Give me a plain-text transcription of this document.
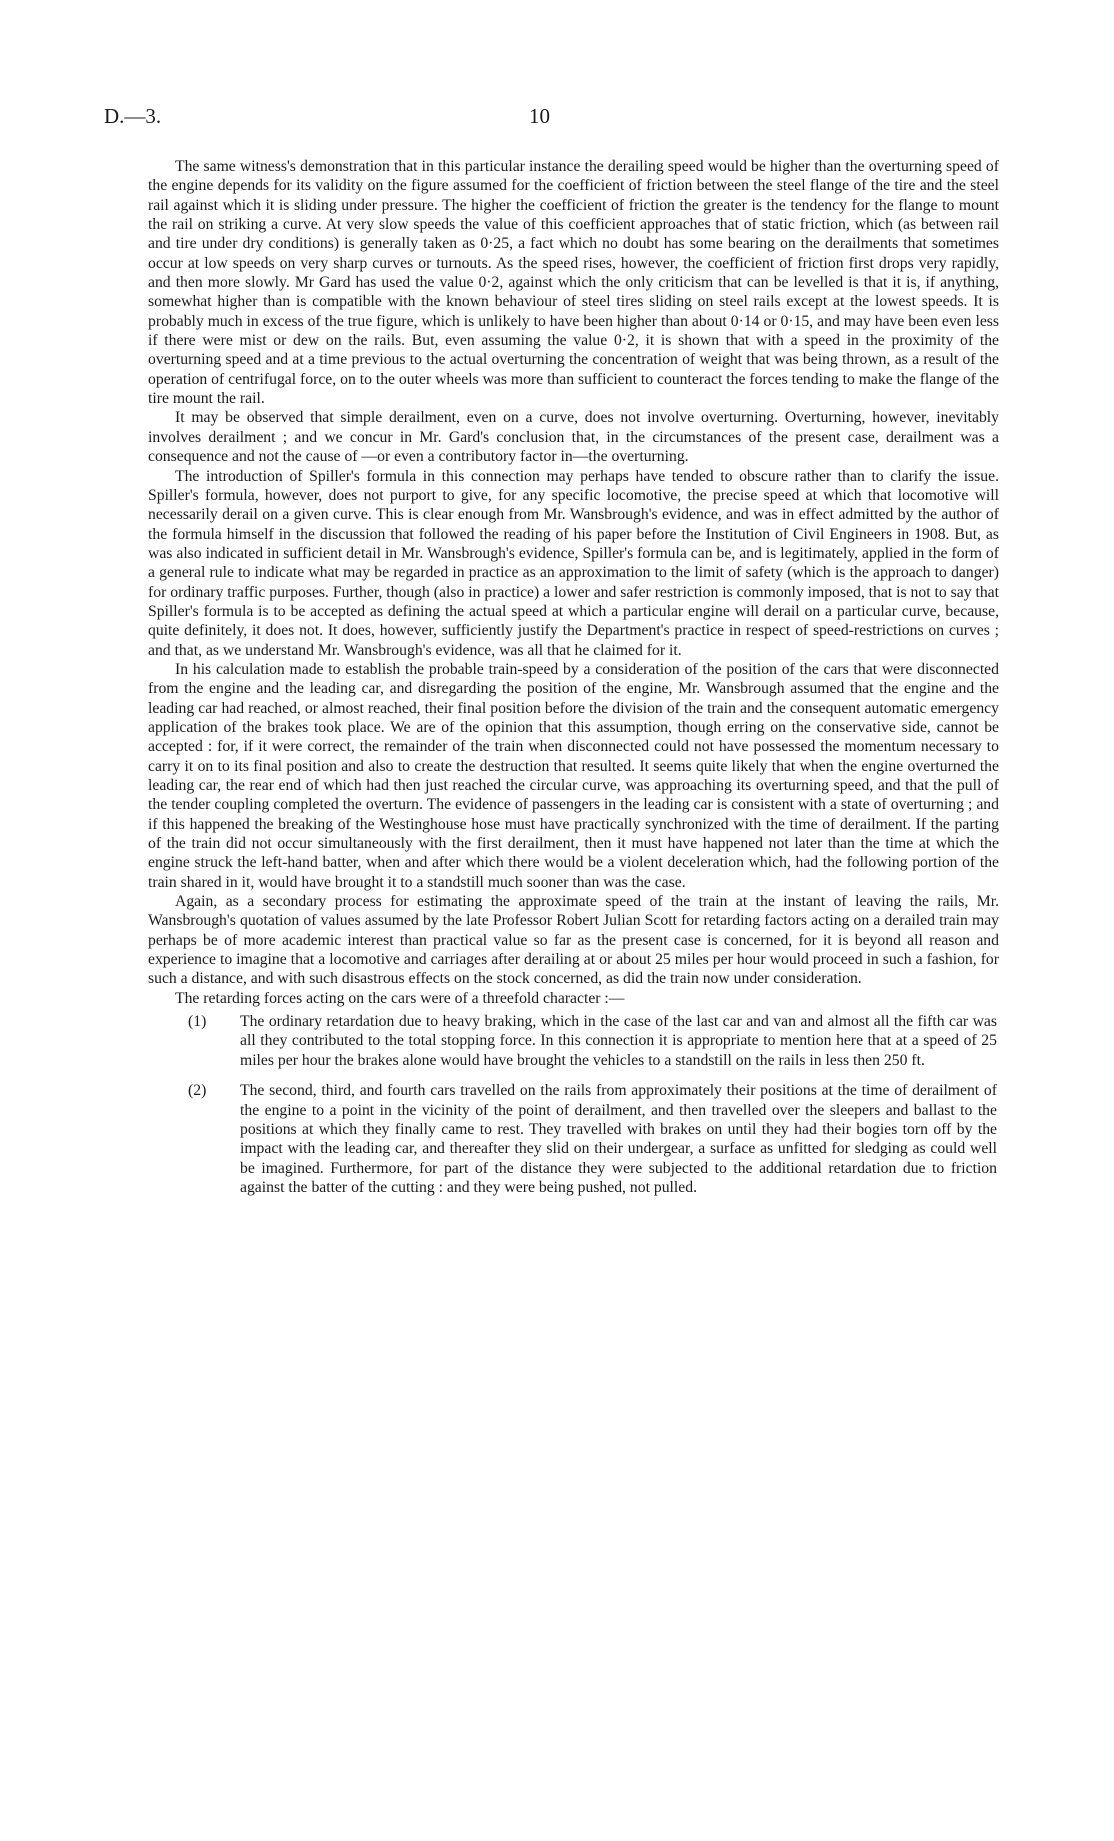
D.—3.	10

The same witness's demonstration that in this particular instance the derailing speed would be higher than the overturning speed of the engine depends for its validity on the figure assumed for the coefficient of friction between the steel flange of the tire and the steel rail against which it is sliding under pressure. The higher the coefficient of friction the greater is the tendency for the flange to mount the rail on striking a curve. At very slow speeds the value of this coefficient approaches that of static friction, which (as between rail and tire under dry conditions) is generally taken as 0·25, a fact which no doubt has some bearing on the derailments that sometimes occur at low speeds on very sharp curves or turnouts. As the speed rises, however, the coefficient of friction first drops very rapidly, and then more slowly. Mr Gard has used the value 0·2, against which the only criticism that can be levelled is that it is, if anything, somewhat higher than is compatible with the known behaviour of steel tires sliding on steel rails except at the lowest speeds. It is probably much in excess of the true figure, which is unlikely to have been higher than about 0·14 or 0·15, and may have been even less if there were mist or dew on the rails. But, even assuming the value 0·2, it is shown that with a speed in the proximity of the overturning speed and at a time previous to the actual overturning the concentration of weight that was being thrown, as a result of the operation of centrifugal force, on to the outer wheels was more than sufficient to counteract the forces tending to make the flange of the tire mount the rail.

It may be observed that simple derailment, even on a curve, does not involve overturning. Overturning, however, inevitably involves derailment ; and we concur in Mr. Gard's conclusion that, in the circumstances of the present case, derailment was a consequence and not the cause of —or even a contributory factor in—the overturning.

The introduction of Spiller's formula in this connection may perhaps have tended to obscure rather than to clarify the issue. Spiller's formula, however, does not purport to give, for any specific locomotive, the precise speed at which that locomotive will necessarily derail on a given curve. This is clear enough from Mr. Wansbrough's evidence, and was in effect admitted by the author of the formula himself in the discussion that followed the reading of his paper before the Institution of Civil Engineers in 1908. But, as was also indicated in sufficient detail in Mr. Wansbrough's evidence, Spiller's formula can be, and is legitimately, applied in the form of a general rule to indicate what may be regarded in practice as an approximation to the limit of safety (which is the approach to danger) for ordinary traffic purposes. Further, though (also in practice) a lower and safer restriction is commonly imposed, that is not to say that Spiller's formula is to be accepted as defining the actual speed at which a particular engine will derail on a particular curve, because, quite definitely, it does not. It does, however, sufficiently justify the Department's practice in respect of speed-restrictions on curves ; and that, as we understand Mr. Wansbrough's evidence, was all that he claimed for it.

In his calculation made to establish the probable train-speed by a consideration of the position of the cars that were disconnected from the engine and the leading car, and disregarding the position of the engine, Mr. Wansbrough assumed that the engine and the leading car had reached, or almost reached, their final position before the division of the train and the consequent automatic emergency application of the brakes took place. We are of the opinion that this assumption, though erring on the conservative side, cannot be accepted : for, if it were correct, the remainder of the train when disconnected could not have possessed the momentum necessary to carry it on to its final position and also to create the destruction that resulted. It seems quite likely that when the engine overturned the leading car, the rear end of which had then just reached the circular curve, was approaching its overturning speed, and that the pull of the tender coupling completed the overturn. The evidence of passengers in the leading car is consistent with a state of overturning ; and if this happened the breaking of the Westinghouse hose must have practically synchronized with the time of derailment. If the parting of the train did not occur simultaneously with the first derailment, then it must have happened not later than the time at which the engine struck the left-hand batter, when and after which there would be a violent deceleration which, had the following portion of the train shared in it, would have brought it to a standstill much sooner than was the case.

Again, as a secondary process for estimating the approximate speed of the train at the instant of leaving the rails, Mr. Wansbrough's quotation of values assumed by the late Professor Robert Julian Scott for retarding factors acting on a derailed train may perhaps be of more academic interest than practical value so far as the present case is concerned, for it is beyond all reason and experience to imagine that a locomotive and carriages after derailing at or about 25 miles per hour would proceed in such a fashion, for such a distance, and with such disastrous effects on the stock concerned, as did the train now under consideration.

The retarding forces acting on the cars were of a threefold character :—

(1) The ordinary retardation due to heavy braking, which in the case of the last car and van and almost all the fifth car was all they contributed to the total stopping force. In this connection it is appropriate to mention here that at a speed of 25 miles per hour the brakes alone would have brought the vehicles to a standstill on the rails in less then 250 ft.
(2) The second, third, and fourth cars travelled on the rails from approximately their positions at the time of derailment of the engine to a point in the vicinity of the point of derailment, and then travelled over the sleepers and ballast to the positions at which they finally came to rest. They travelled with brakes on until they had their bogies torn off by the impact with the leading car, and thereafter they slid on their undergear, a surface as unfitted for sledging as could well be imagined. Furthermore, for part of the distance they were subjected to the additional retardation due to friction against the batter of the cutting : and they were being pushed, not pulled.
